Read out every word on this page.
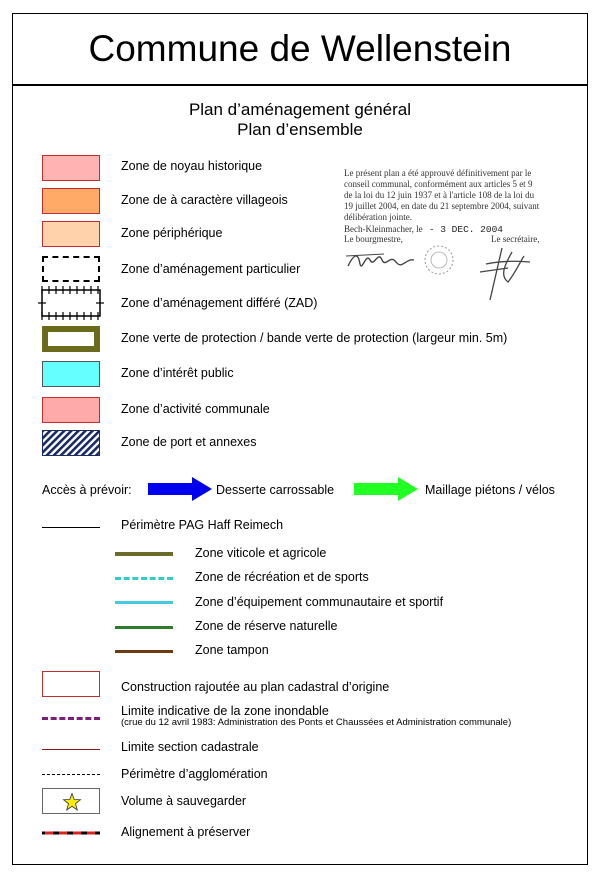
Commune de Wellenstein
Plan d’aménagement général
Plan d’ensemble
Zone de noyau historique
Zone de à caractère villageois
Zone périphérique
Zone d’aménagement particulier
Zone d’aménagement différé (ZAD)
Zone verte de protection / bande verte de protection (largeur min. 5m)
Zone d’intérêt public
Zone d’activité communale
Zone de port et annexes
Le présent plan a été approuvé définitivement par le
conseil communal, conformément aux articles 5 et 9
de la loi du 12 juin 1937 et à l'article 108 de la loi du
19 juillet 2004, en date du 21 septembre 2004, suivant
délibération jointe.
Bech-Kleinmacher, le - 3 DEC. 2004
Le bourgmestre,	Le secrétaire,
Accès à prévoir:	Desserte carrossable	Maillage piétons / vélos
Périmètre PAG Haff Reimech
Zone viticole et agricole
Zone de récréation et de sports
Zone d’équipement communautaire et sportif
Zone de réserve naturelle
Zone tampon
Construction rajoutée au plan cadastral d’origine
Limite indicative de la zone inondable
(crue du 12 avril 1983: Administration des Ponts et Chaussées et Administration communale)
Limite section cadastrale
Périmètre d’agglomération
Volume à sauvegarder
Alignement à préserver
